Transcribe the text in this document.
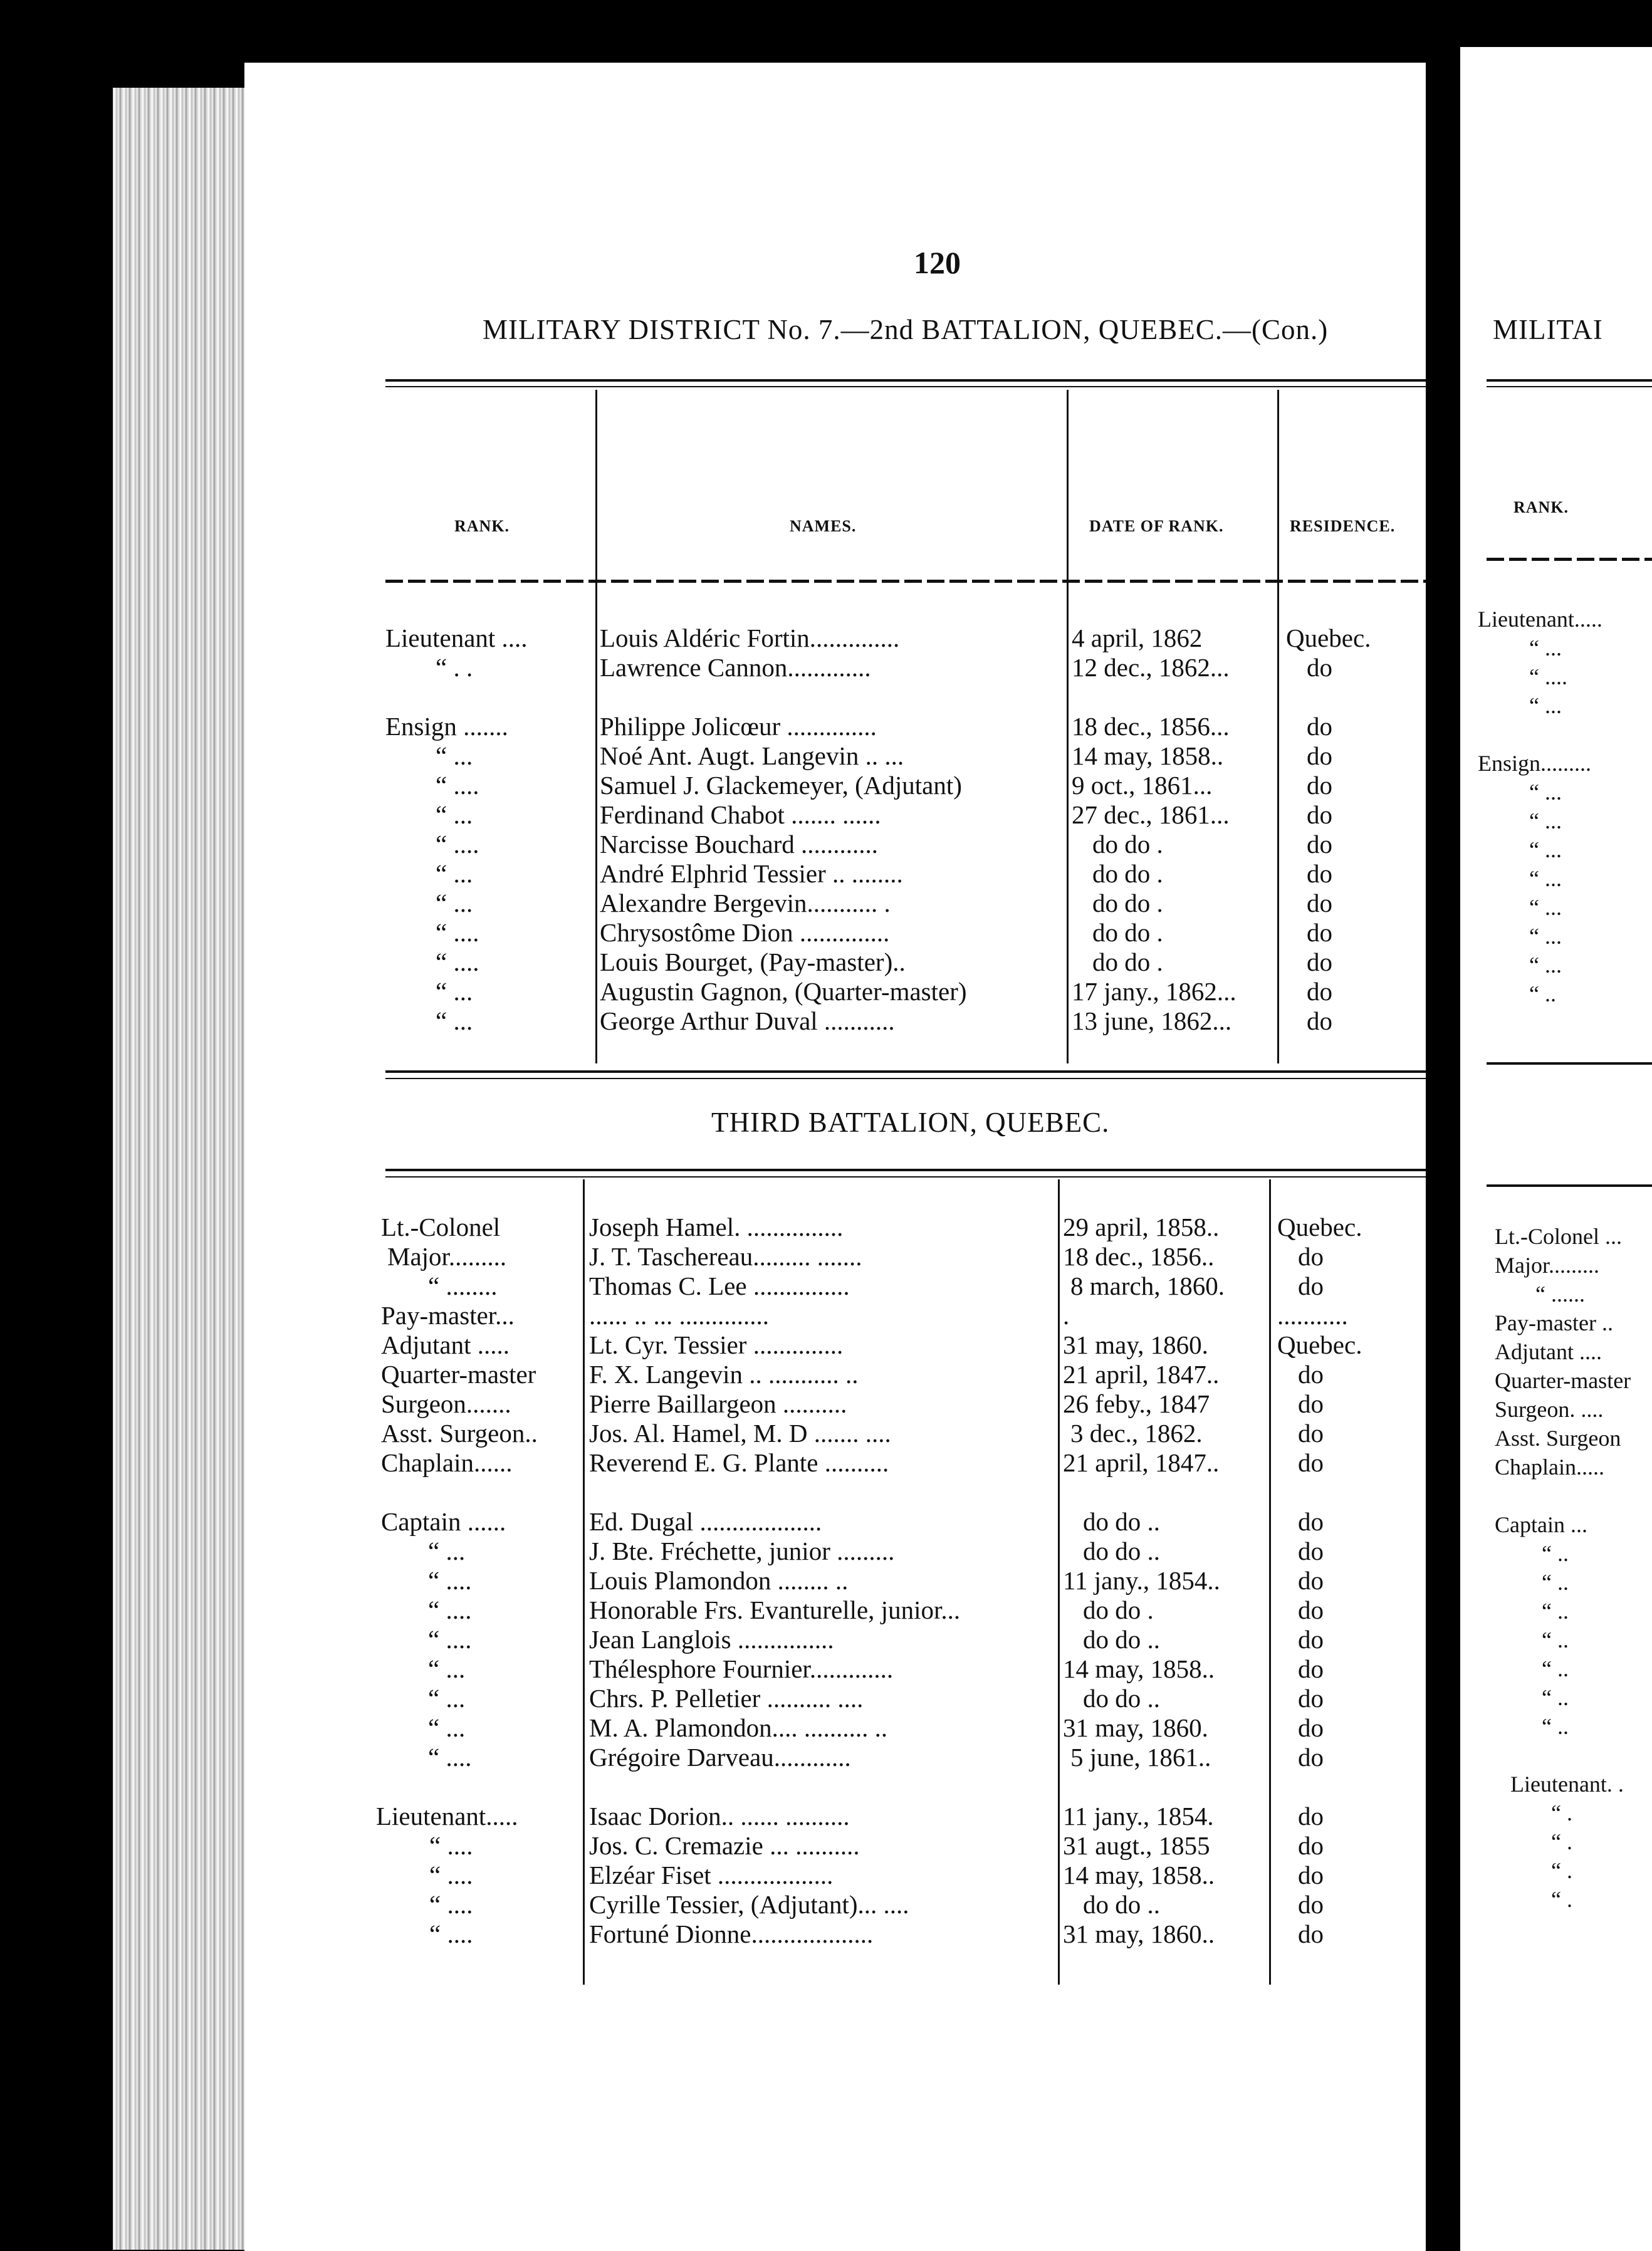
120
MILITARY DISTRICT No. 7.—2nd BATTALION, QUEBEC.—(Con.)
RANK.	NAMES.	DATE OF RANK.	RESIDENCE.
Lieutenant ....	Louis Aldéric Fortin..............	4 april, 1862	Quebec.
“ . .	Lawrence Cannon.............	12 dec., 1862...	do
Ensign .......	Philippe Jolicœur ..............	18 dec., 1856...	do
“ ...	Noé Ant. Augt. Langevin .. ...	14 may, 1858..	do
“ ....	Samuel J. Glackemeyer, (Adjutant)	9 oct., 1861...	do
“ ...	Ferdinand Chabot ....... ......	27 dec., 1861...	do
“ ....	Narcisse Bouchard ............	do do .	do
“ ...	André Elphrid Tessier .. ........	do do .	do
“ ...	Alexandre Bergevin........... .	do do .	do
“ ....	Chrysostôme Dion ..............	do do .	do
“ ....	Louis Bourget, (Pay-master)..	do do .	do
“ ...	Augustin Gagnon, (Quarter-master)	17 jany., 1862...	do
“ ...	George Arthur Duval ...........	13 june, 1862...	do
THIRD BATTALION, QUEBEC.
Lt.-Colonel	Joseph Hamel. ...............	29 april, 1858..	Quebec.
Major.........	J. T. Taschereau......... .......	18 dec., 1856..	do
“ ........	Thomas C. Lee ...............	8 march, 1860.	do
Pay-master...	...... .. ... ..............	.	...........
Adjutant .....	Lt. Cyr. Tessier ..............	31 may, 1860.	Quebec.
Quarter-master	F. X. Langevin .. ........... ..	21 april, 1847..	do
Surgeon.......	Pierre Baillargeon ..........	26 feby., 1847	do
Asst. Surgeon..	Jos. Al. Hamel, M. D ....... ....	3 dec., 1862.	do
Chaplain......	Reverend E. G. Plante ..........	21 april, 1847..	do
Captain ......	Ed. Dugal ...................	do do ..	do
“ ...	J. Bte. Fréchette, junior .........	do do ..	do
“ ....	Louis Plamondon ........ ..	11 jany., 1854..	do
“ ....	Honorable Frs. Evanturelle, junior...	do do .	do
“ ....	Jean Langlois ...............	do do ..	do
“ ...	Thélesphore Fournier.............	14 may, 1858..	do
“ ...	Chrs. P. Pelletier .......... ....	do do ..	do
“ ...	M. A. Plamondon.... .......... ..	31 may, 1860.	do
“ ....	Grégoire Darveau............	5 june, 1861..	do
Lieutenant.....	Isaac Dorion.. ...... ..........	11 jany., 1854.	do
“ ....	Jos. C. Cremazie ... ..........	31 augt., 1855	do
“ ....	Elzéar Fiset ..................	14 may, 1858..	do
“ ....	Cyrille Tessier, (Adjutant)... ....	do do ..	do
“ ....	Fortuné Dionne...................	31 may, 1860..	do
MILITAI
RANK.
Lieutenant.....
“ ...
“ ....
“ ...
Ensign.........
“ ...
“ ...
“ ...
“ ...
“ ...
“ ...
“ ...
“ ..
Lt.-Colonel ...
Major.........
“ ......
Pay-master ..
Adjutant ....
Quarter-master
Surgeon. ....
Asst. Surgeon
Chaplain.....
Captain ...
“ ..
“ ..
“ ..
“ ..
“ ..
“ ..
“ ..
Lieutenant. .
“ .
“ .
“ .
“ .
